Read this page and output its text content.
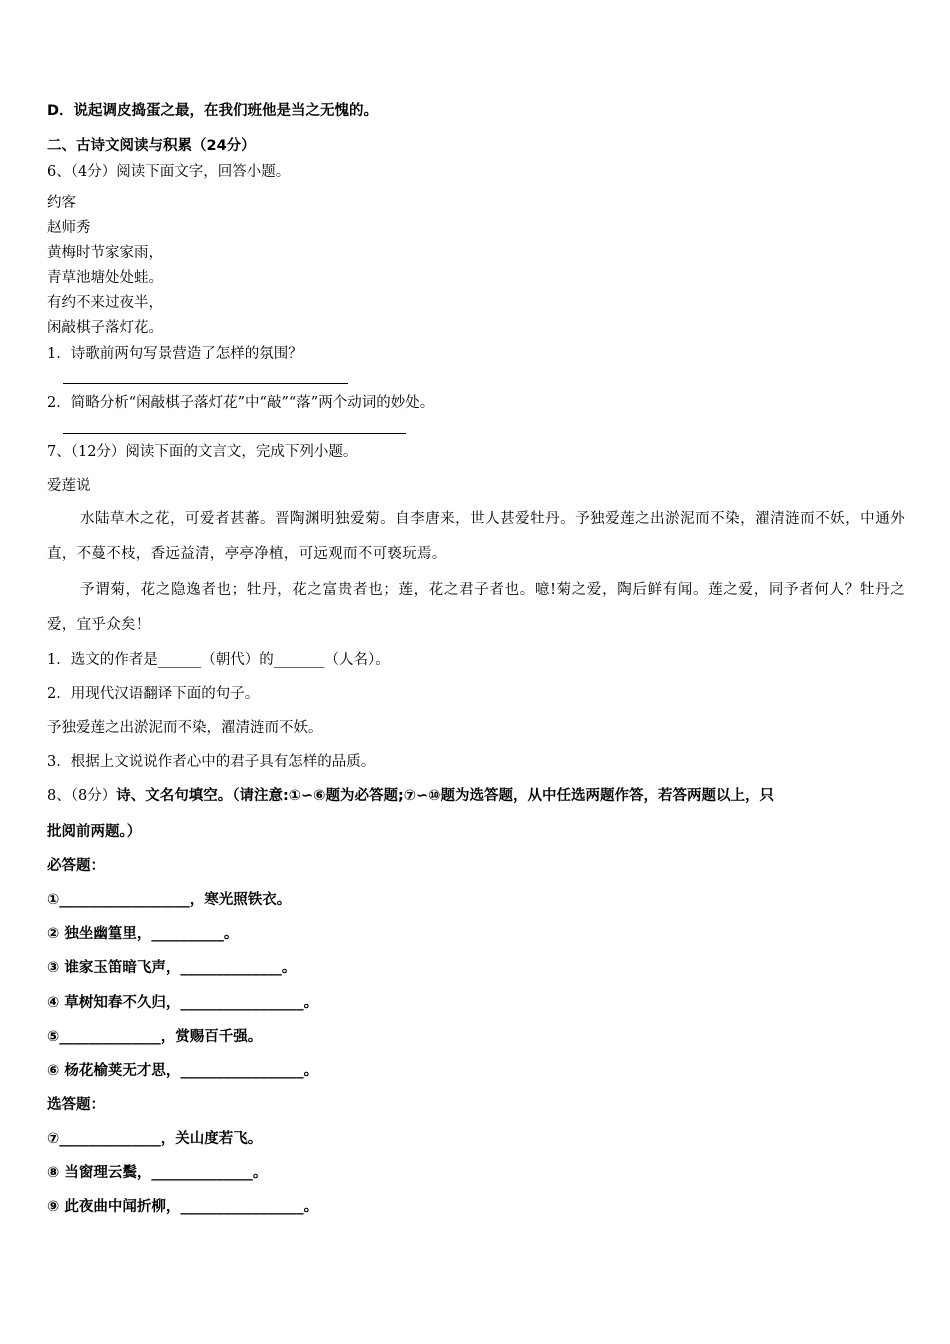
D．说起调皮捣蛋之最，在我们班他是当之无愧的。
二、古诗文阅读与积累（24分）
6、（4分）阅读下面文字，回答小题。
约客
赵师秀
黄梅时节家家雨，
青草池塘处处蛙。
有约不来过夜半，
闲敲棋子落灯花。
1．诗歌前两句写景营造了怎样的氛围？
2．简略分析“闲敲棋子落灯花”中“敲”“落”两个动词的妙处。
7、（12分）阅读下面的文言文，完成下列小题。
爱莲说
水陆草木之花，可爱者甚蕃。晋陶渊明独爱菊。自李唐来，世人甚爱牡丹。予独爱莲之出淤泥而不染，濯清涟而不妖，中通外直，不蔓不枝，香远益清，亭亭净植，可远观而不可亵玩焉。
予谓菊，花之隐逸者也；牡丹，花之富贵者也；莲，花之君子者也。噫!菊之爱，陶后鲜有闻。莲之爱，同予者何人？牡丹之爱，宜乎众矣！
1．选文的作者是______（朝代）的_______（人名）。
2．用现代汉语翻译下面的句子。
予独爱莲之出淤泥而不染，濯清涟而不妖。
3．根据上文说说作者心中的君子具有怎样的品质。
8、（8分）诗、文名句填空。（请注意:①∽⑥题为必答题;⑦∽⑩题为选答题，从中任选两题作答，若答两题以上，只
批阅前两题。）
必答题：
①__________________，寒光照铁衣。
② 独坐幽篁里，__________。
③ 谁家玉笛暗飞声，______________。
④ 草树知春不久归，_________________。
⑤______________，赏赐百千强。
⑥ 杨花榆荚无才思，_________________。
选答题：
⑦______________，关山度若飞。
⑧ 当窗理云鬓，______________。
⑨ 此夜曲中闻折柳，_________________。
